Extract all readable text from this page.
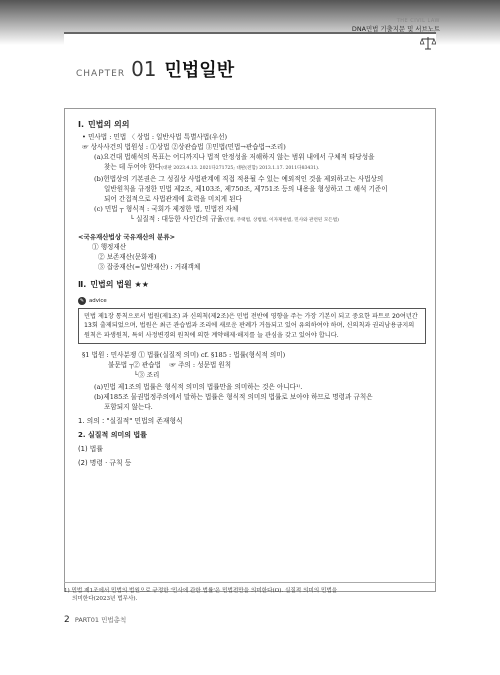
THE CIVIL LAW
DNA민법 기출지문 및 서브노트
CHAPTER 01 민법일반
Ⅰ. 민법의 의의
• 민사법 : 민법 〈 상법 : 일반사법 특별사법(우선)
☞ 상사사건의 법원성 : ①상법 ②상관습법 ③민법(민법→관습법→조리)
(a)요건대 법해석의 목표는 어디까지나 법적 안정성을 저해하지 않는 범위 내에서 구체적 타당성을
찾는 데 두어야 한다(대판 2023.4.13. 2021다271725; 대판(전합) 2013.1.17. 2011다83431).
(b)헌법상의 기본권은 그 성질상 사법관계에 직접 적용될 수 있는 예외적인 것을 제외하고는 사법상의
일반원칙을 규정한 민법 제2조, 제103조, 제750조, 제751조 등의 내용을 형성하고 그 해석 기준이
되어 간접적으로 사법관계에 효력을 미치게 된다
(c) 민법 ┬ 형식적 : 국회가 제정한 법, 민법전 자체
└ 실질적 : 대등한 사인간의 규율(민법, 주택법, 상법법, 이자제한법, 민사와 관련된 모든법)
<국유재산법상 국유재산의 분류>
① 행정재산
② 보존재산(문화재)
③ 잡종재산(=일반재산) : 거래객체
Ⅱ. 민법의 법원 ★★
✎ advice
민법 제1장 통칙으로서 법원(제1조) 과 신의칙(제2조)은 민법 전반에 영향을 주는 가장 기본이 되고 중요한 파트로 20여년간 13회 출제되었으며, 법원은 최근 관습법과 조리에 새로운 판례가 거듭되고 있어 유의하여야 하며, 신의칙과 권리남용금지의 원칙은 파생원칙, 특히 사정변경의 원칙에 의한 계약해제·해지를 늘 관심을 갖고 있어야 합니다.
§1 법원 : 민사분쟁 ① 법률(실질적 의미) cf. §185 : 법률(형식적 의미)
불문법 ┬② 관습법 ☞ 주의 : 성문법 원칙
└③ 조리
(a)민법 제1조의 법률은 형식적 의미의 법률만을 의미하는 것은 아니다¹⁾.
(b)제185조 물권법정주의에서 말하는 법률은 형식적 의미의 법률로 보아야 하므로 명령과 규칙은
포함되지 않는다.
1. 의의 : "실질적" 민법의 존재형식
2. 실질적 의미의 법률
(1) 법률
(2) 명령 · 규칙 등
1) 민법 제1조에서 민법의 법원으로 규정한 '민사에 관한 법률'은 민법전만을 의미한다(O). 실질적 의미의 민법을
의미한다(2023년 법무사).
2 PART01 민법총칙
